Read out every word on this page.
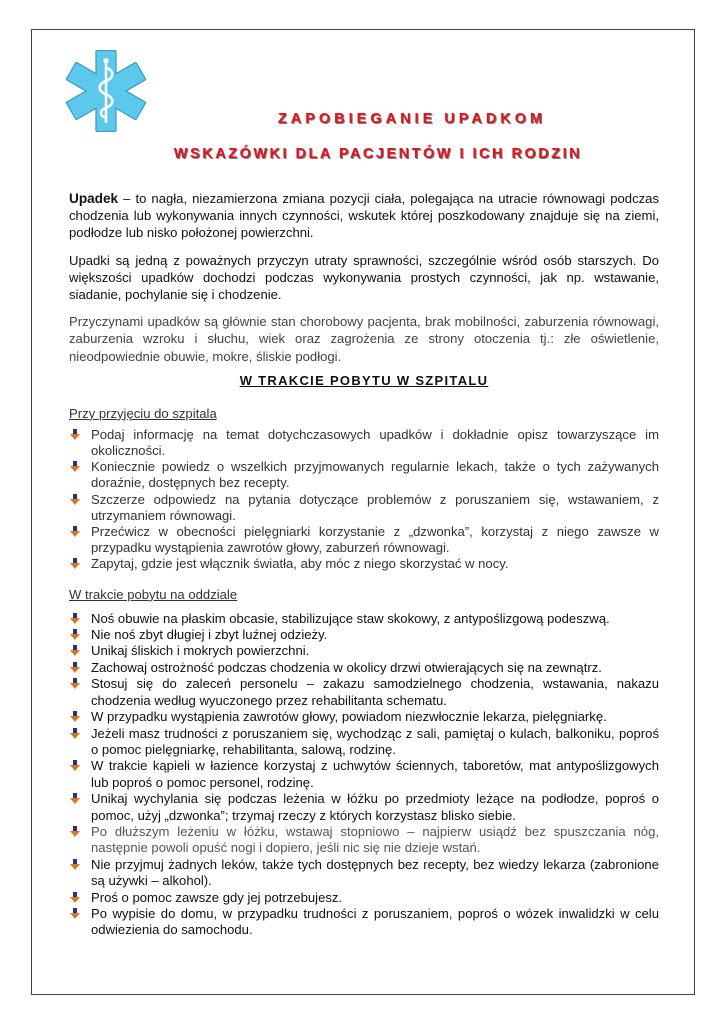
ZAPOBIEGANIE UPADKOM
WSKAZÓWKI DLA PACJENTÓW I ICH RODZIN

Upadek – to nagła, niezamierzona zmiana pozycji ciała, polegająca na utracie równowagi podczas chodzenia lub wykonywania innych czynności, wskutek której poszkodowany znajduje się na ziemi, podłodze lub nisko położonej powierzchni.

Upadki są jedną z poważnych przyczyn utraty sprawności, szczególnie wśród osób starszych. Do większości upadków dochodzi podczas wykonywania prostych czynności, jak np. wstawanie, siadanie, pochylanie się i chodzenie.

Przyczynami upadków są głównie stan chorobowy pacjenta, brak mobilności, zaburzenia równowagi, zaburzenia wzroku i słuchu, wiek oraz zagrożenia ze strony otoczenia tj.: złe oświetlenie, nieodpowiednie obuwie, mokre, śliskie podłogi.

W TRAKCIE POBYTU W SZPITALU
Przy przyjęciu do szpitala
Podaj informację na temat dotychczasowych upadków i dokładnie opisz towarzyszące im okoliczności.
Koniecznie powiedz o wszelkich przyjmowanych regularnie lekach, także o tych zażywanych doraźnie, dostępnych bez recepty.
Szczerze odpowiedz na pytania dotyczące problemów z poruszaniem się, wstawaniem, z utrzymaniem równowagi.
Przećwicz w obecności pielęgniarki korzystanie z „dzwonka”, korzystaj z niego zawsze w przypadku wystąpienia zawrotów głowy, zaburzeń równowagi.
Zapytaj, gdzie jest włącznik światła, aby móc z niego skorzystać w nocy.
W trakcie pobytu na oddziale
Noś obuwie na płaskim obcasie, stabilizujące staw skokowy, z antypoślizgową podeszwą.
Nie noś zbyt długiej i zbyt luźnej odzieży.
Unikaj śliskich i mokrych powierzchni.
Zachowaj ostrożność podczas chodzenia w okolicy drzwi otwierających się na zewnątrz.
Stosuj się do zaleceń personelu – zakazu samodzielnego chodzenia, wstawania, nakazu chodzenia według wyuczonego przez rehabilitanta schematu.
W przypadku wystąpienia zawrotów głowy, powiadom niezwłocznie lekarza, pielęgniarkę.
Jeżeli masz trudności z poruszaniem się, wychodząc z sali, pamiętaj o kulach, balkoniku, poproś o pomoc pielęgniarkę, rehabilitanta, salową, rodzinę.
W trakcie kąpieli w łazience korzystaj z uchwytów ściennych, taboretów, mat antypoślizgowych lub poproś o pomoc personel, rodzinę.
Unikaj wychylania się podczas leżenia w łóżku po przedmioty leżące na podłodze, poproś o pomoc, użyj „dzwonka”; trzymaj rzeczy z których korzystasz blisko siebie.
Po dłuższym leżeniu w łóżku, wstawaj stopniowo – najpierw usiądź bez spuszczania nóg, następnie powoli opuść nogi i dopiero, jeśli nic się nie dzieje wstań.
Nie przyjmuj żadnych leków, także tych dostępnych bez recepty, bez wiedzy lekarza (zabronione są używki – alkohol).
Proś o pomoc zawsze gdy jej potrzebujesz.
Po wypisie do domu, w przypadku trudności z poruszaniem, poproś o wózek inwalidzki w celu odwiezienia do samochodu.
